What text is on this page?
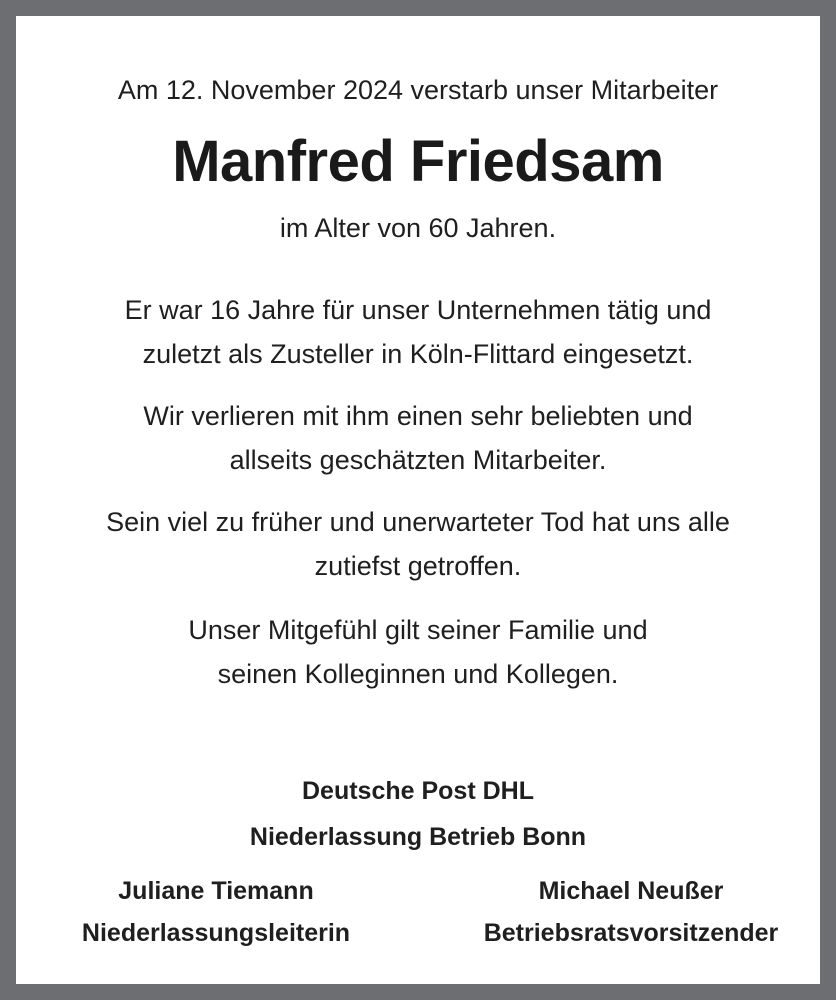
Am 12. November 2024 verstarb unser Mitarbeiter
Manfred Friedsam
im Alter von 60 Jahren.
Er war 16 Jahre für unser Unternehmen tätig und
zuletzt als Zusteller in Köln-Flittard eingesetzt.
Wir verlieren mit ihm einen sehr beliebten und
allseits geschätzten Mitarbeiter.
Sein viel zu früher und unerwarteter Tod hat uns alle
zutiefst getroffen.
Unser Mitgefühl gilt seiner Familie und
seinen Kolleginnen und Kollegen.
Deutsche Post DHL
Niederlassung Betrieb Bonn
Juliane Tiemann
Niederlassungsleiterin
Michael Neußer
Betriebsratsvorsitzender
